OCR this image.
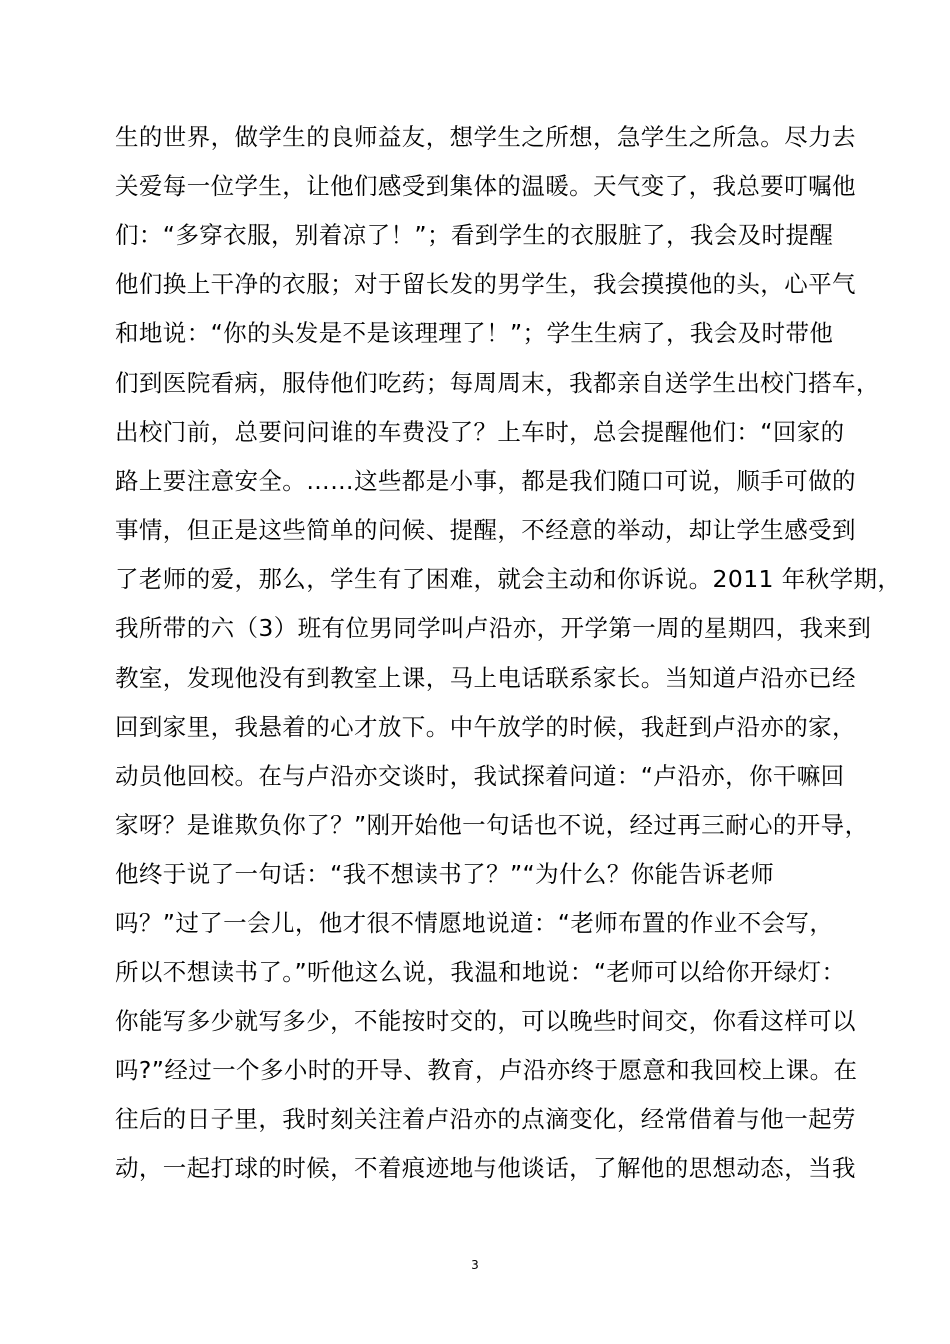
生的世界，做学生的良师益友，想学生之所想，急学生之所急。尽力去
关爱每一位学生，让他们感受到集体的温暖。天气变了，我总要叮嘱他
们：“多穿衣服，别着凉了！”；看到学生的衣服脏了，我会及时提醒
他们换上干净的衣服；对于留长发的男学生，我会摸摸他的头，心平气
和地说：“你的头发是不是该理理了！”；学生生病了，我会及时带他
们到医院看病，服侍他们吃药；每周周末，我都亲自送学生出校门搭车，
出校门前，总要问问谁的车费没了？上车时，总会提醒他们：“回家的
路上要注意安全。……这些都是小事，都是我们随口可说，顺手可做的
事情，但正是这些简单的问候、提醒，不经意的举动，却让学生感受到
了老师的爱，那么，学生有了困难，就会主动和你诉说。2011 年秋学期，
我所带的六（3）班有位男同学叫卢沿亦，开学第一周的星期四，我来到
教室，发现他没有到教室上课，马上电话联系家长。当知道卢沿亦已经
回到家里，我悬着的心才放下。中午放学的时候，我赶到卢沿亦的家，
动员他回校。在与卢沿亦交谈时，我试探着问道：“卢沿亦，你干嘛回
家呀？是谁欺负你了？”刚开始他一句话也不说，经过再三耐心的开导，
他终于说了一句话：“我不想读书了？”“为什么？你能告诉老师
吗？”过了一会儿，他才很不情愿地说道：“老师布置的作业不会写，
所以不想读书了。”听他这么说，我温和地说：“老师可以给你开绿灯：
你能写多少就写多少，不能按时交的，可以晚些时间交，你看这样可以
吗?”经过一个多小时的开导、教育，卢沿亦终于愿意和我回校上课。在
往后的日子里，我时刻关注着卢沿亦的点滴变化，经常借着与他一起劳
动，一起打球的时候，不着痕迹地与他谈话，了解他的思想动态，当我
3
